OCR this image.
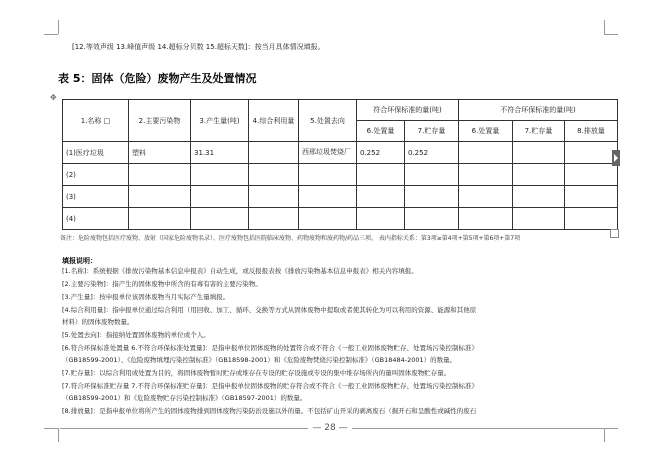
[12.等效声级 13.峰值声级 14.超标分贝数 15.超标天数]：按当月具体情况填报。
表 5：固体（危险）废物产生及处置情况
✥
1.名称 □	2.主要污染物	3.产生量(吨)	4.综合利用量	5.处置去向	符合环保标准的量(吨)		不符合环保标准的量(吨)		
					6.处置量	7.贮存量	6.处置量	7.贮存量	8.排放量
(1)医疗垃圾	塑料	31.31		西邢垃圾焚烧厂	0.252	0.252			
(2)									
(3)									
(4)									
备注：危险废物包括医疗废物、放射（国家危险废物名录）、医疗废物包括医院临床废物、药物废物和废药物/药品三项。 表内指标关系：第3项≥第4项+第5项+第6项+第7项
填报说明：
[1.名称]：系统根据《排放污染物基本信息申报表》自动生成，或反报报表按《排放污染物基本信息申报表》相关内容填报。
[2.主要污染物]：指产生的固体废物中所含的有毒有害的主要污染物。
[3.产生量]：按申报单位该固体废物当月实际产生量填报。
[4.综合利用量]：指申报单位通过综合利用（用回收、加工、循环、交换等方式从固体废物中提取或者使其转化为可以利用的资源、能源和其他原
材料）的固体废物数量。
[5.处置去向]：指接纳处置固体废物的单位或个人。
[6.符合环保标准处置量 6.不符合环保标准处置量]：是指申报单位固体废物的处置符合或不符合《一般工业固体废物贮存、处置场污染控制标准》
（GB18599-2001）、《危险废物填埋污染控制标准》（GB18598-2001）和《危险废物焚烧污染控制标准》（GB18484-2001）的数量。
[7.贮存量]：以综合利用或处置为目的，将固体废物暂时贮存或堆存在专设的贮存设施或专设的集中堆存场所内的量叫固体废物贮存量。
[7.符合环保标准贮存量 7.不符合环保标准贮存量]：是指申报单位固体废物的贮存符合或不符合《一般工业固体废物贮存、处置场污染控制标准》
（GB18599-2001）和《危险废物贮存污染控制标准》（GB18597-2001）的数量。
[8.排放量]：是指申报单位将所产生的固体废物排到固体废物污染防治设施以外的量。不包括矿山开采的剥离废石（掘开石和呈酸性或碱性的废石
— 28 —
